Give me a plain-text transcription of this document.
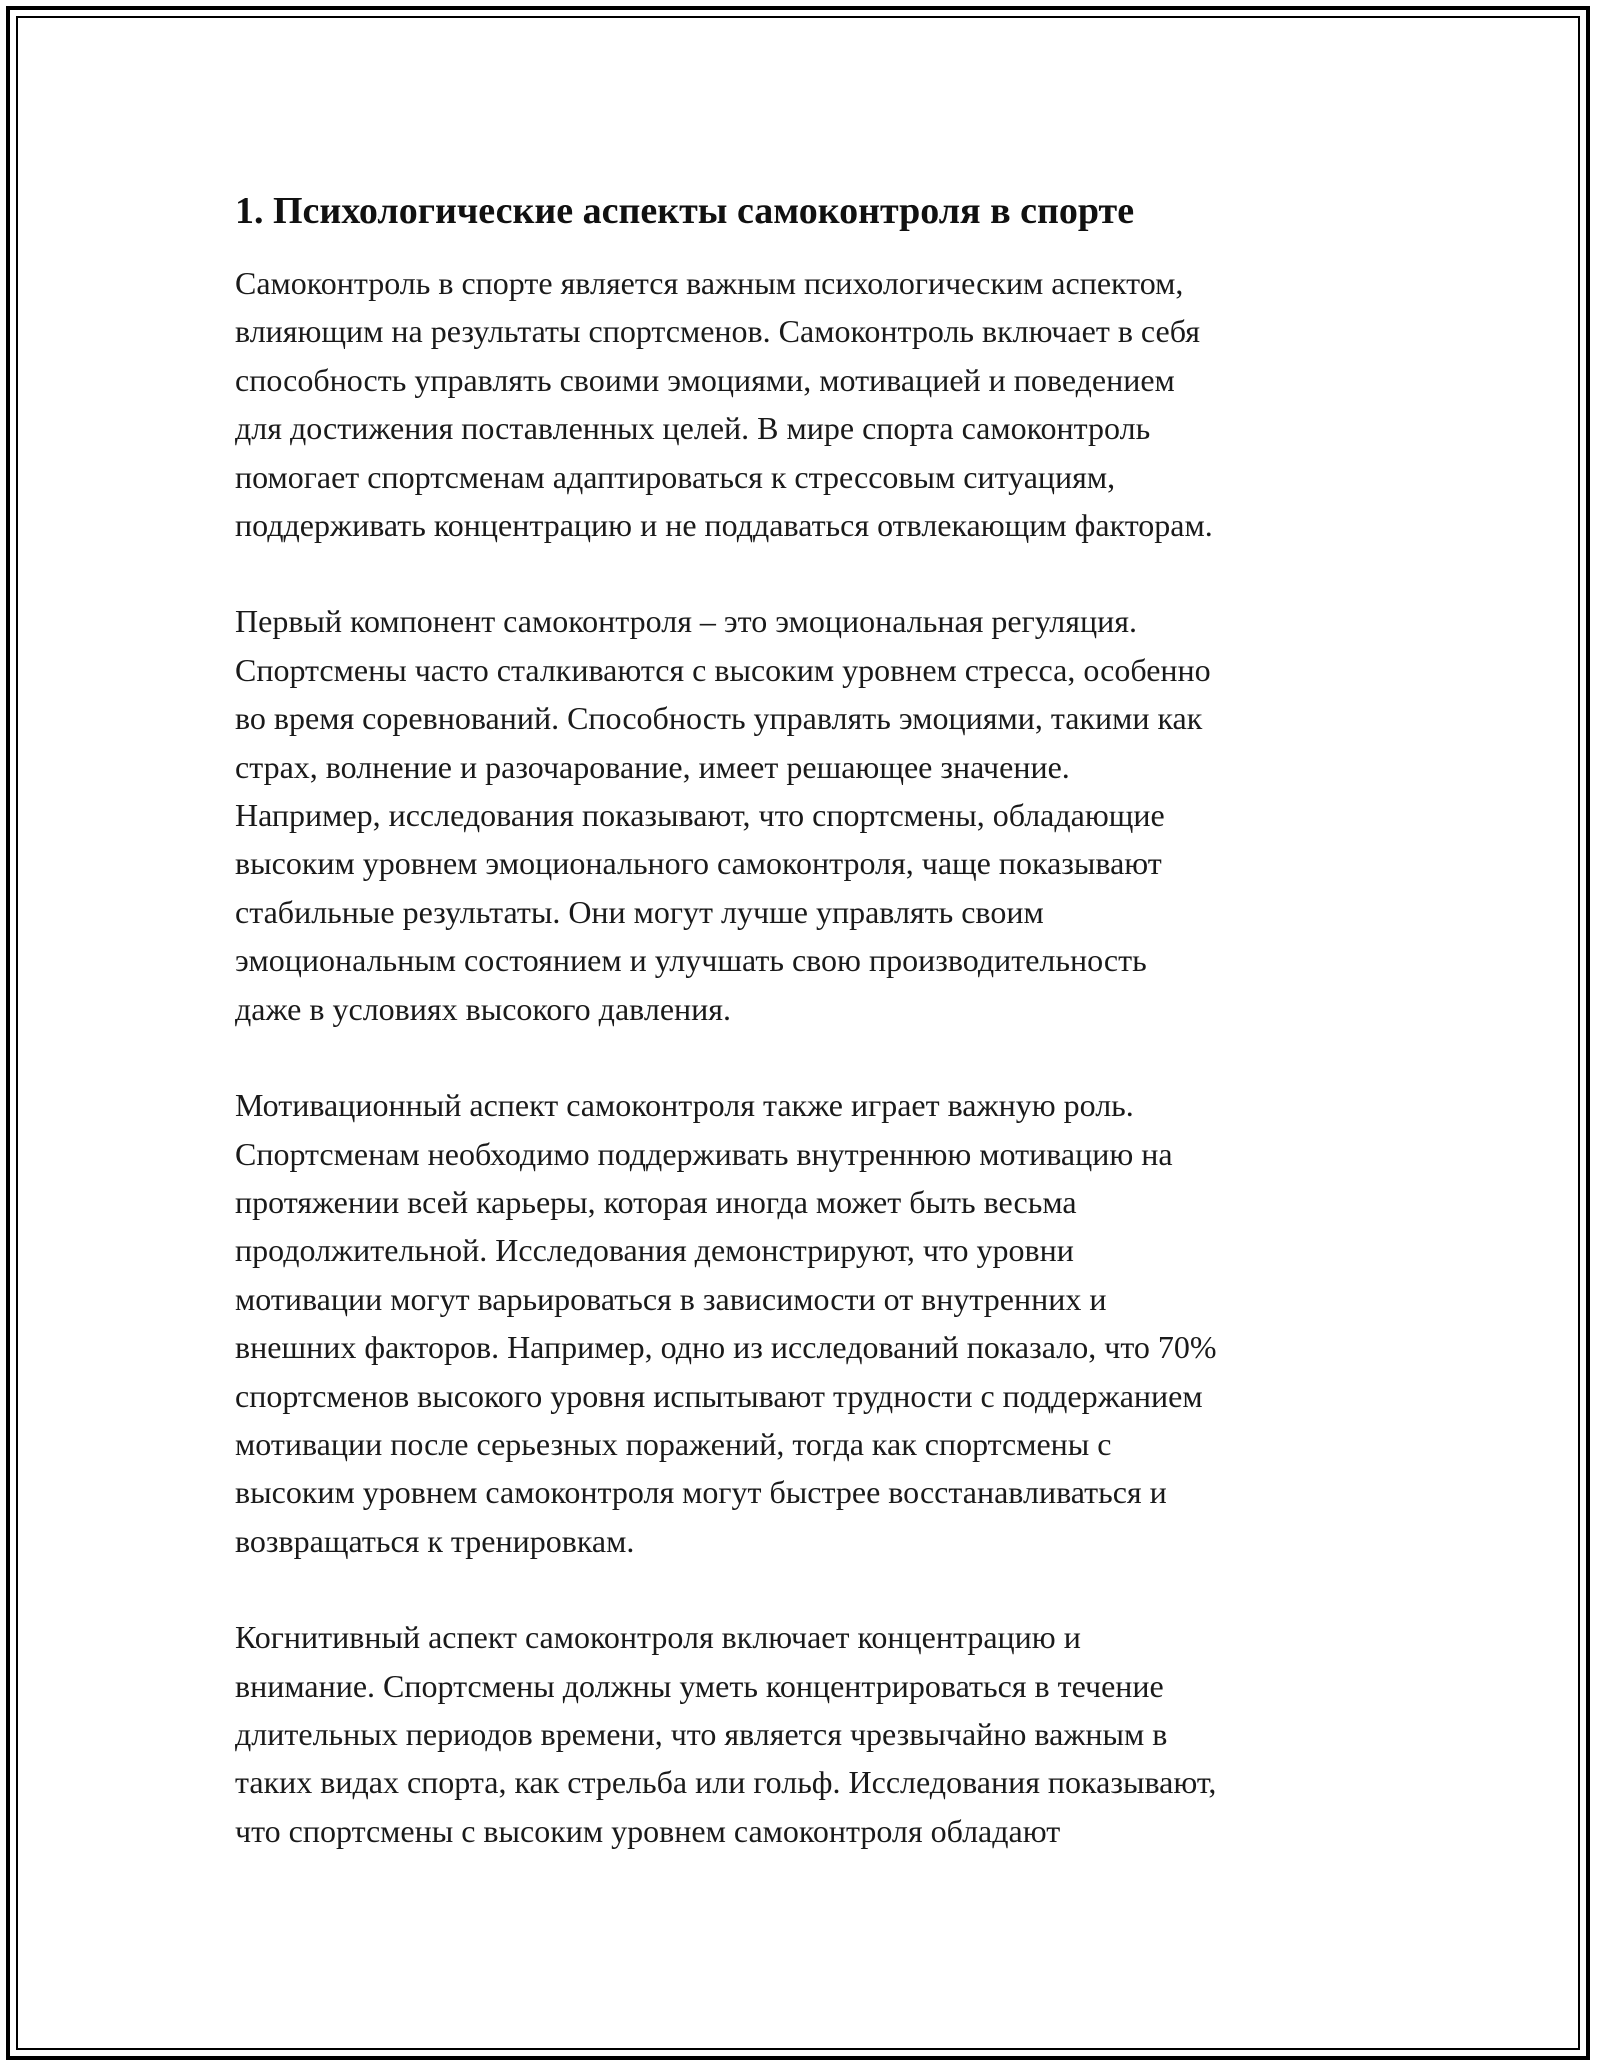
1. Психологические аспекты самоконтроля в спорте

Самоконтроль в спорте является важным психологическим аспектом,
влияющим на результаты спортсменов. Самоконтроль включает в себя
способность управлять своими эмоциями, мотивацией и поведением
для достижения поставленных целей. В мире спорта самоконтроль
помогает спортсменам адаптироваться к стрессовым ситуациям,
поддерживать концентрацию и не поддаваться отвлекающим факторам.

Первый компонент самоконтроля – это эмоциональная регуляция.
Спортсмены часто сталкиваются с высоким уровнем стресса, особенно
во время соревнований. Способность управлять эмоциями, такими как
страх, волнение и разочарование, имеет решающее значение.
Например, исследования показывают, что спортсмены, обладающие
высоким уровнем эмоционального самоконтроля, чаще показывают
стабильные результаты. Они могут лучше управлять своим
эмоциональным состоянием и улучшать свою производительность
даже в условиях высокого давления.

Мотивационный аспект самоконтроля также играет важную роль.
Спортсменам необходимо поддерживать внутреннюю мотивацию на
протяжении всей карьеры, которая иногда может быть весьма
продолжительной. Исследования демонстрируют, что уровни
мотивации могут варьироваться в зависимости от внутренних и
внешних факторов. Например, одно из исследований показало, что 70%
спортсменов высокого уровня испытывают трудности с поддержанием
мотивации после серьезных поражений, тогда как спортсмены с
высоким уровнем самоконтроля могут быстрее восстанавливаться и
возвращаться к тренировкам.

Когнитивный аспект самоконтроля включает концентрацию и
внимание. Спортсмены должны уметь концентрироваться в течение
длительных периодов времени, что является чрезвычайно важным в
таких видах спорта, как стрельба или гольф. Исследования показывают,
что спортсмены с высоким уровнем самоконтроля обладают
